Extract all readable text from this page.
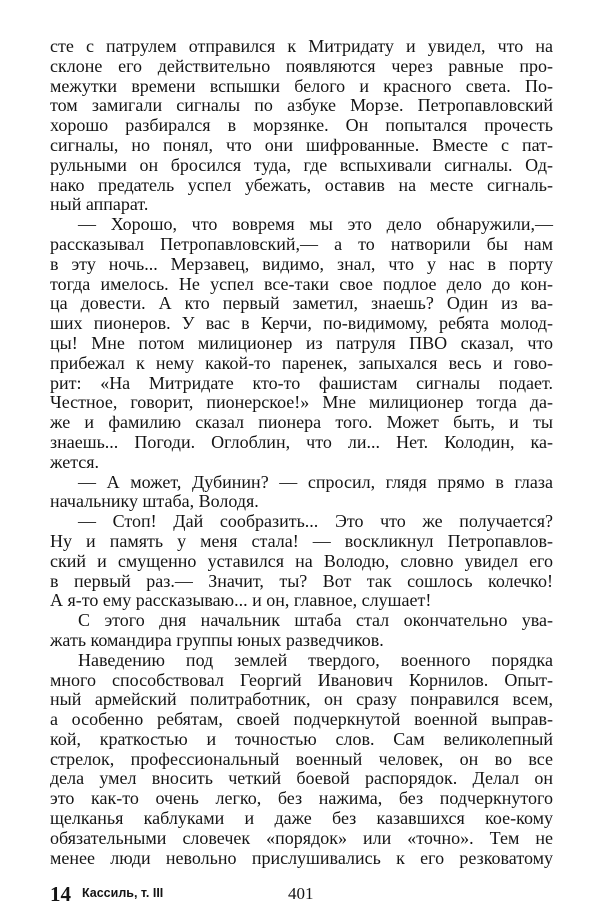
сте с патрулем отправился к Митридату и увидел, что на
склоне его действительно появляются через равные про-
межутки времени вспышки белого и красного света. По-
том замигали сигналы по азбуке Морзе. Петропавловский
хорошо разбирался в морзянке. Он попытался прочесть
сигналы, но понял, что они шифрованные. Вместе с пат-
рульными он бросился туда, где вспыхивали сигналы. Од-
нако предатель успел убежать, оставив на месте сигналь-
ный аппарат.
— Хорошо, что вовремя мы это дело обнаружили,—
рассказывал Петропавловский,— а то натворили бы нам
в эту ночь... Мерзавец, видимо, знал, что у нас в порту
тогда имелось. Не успел все-таки свое подлое дело до кон-
ца довести. А кто первый заметил, знаешь? Один из ва-
ших пионеров. У вас в Керчи, по-видимому, ребята молод-
цы! Мне потом милиционер из патруля ПВО сказал, что
прибежал к нему какой-то паренек, запыхался весь и гово-
рит: «На Митридате кто-то фашистам сигналы подает.
Честное, говорит, пионерское!» Мне милиционер тогда да-
же и фамилию сказал пионера того. Может быть, и ты
знаешь... Погоди. Оглоблин, что ли... Нет. Колодин, ка-
жется.
— А может, Дубинин? — спросил, глядя прямо в глаза
начальнику штаба, Володя.
— Стоп! Дай сообразить... Это что же получается?
Ну и память у меня стала! — воскликнул Петропавлов-
ский и смущенно уставился на Володю, словно увидел его
в первый раз.— Значит, ты? Вот так сошлось колечко!
А я-то ему рассказываю... и он, главное, слушает!
С этого дня начальник штаба стал окончательно ува-
жать командира группы юных разведчиков.
Наведению под землей твердого, военного порядка
много способствовал Георгий Иванович Корнилов. Опыт-
ный армейский политработник, он сразу понравился всем,
а особенно ребятам, своей подчеркнутой военной выправ-
кой, краткостью и точностью слов. Сам великолепный
стрелок, профессиональный военный человек, он во все
дела умел вносить четкий боевой распорядок. Делал он
это как-то очень легко, без нажима, без подчеркнутого
щелканья каблуками и даже без казавшихся кое-кому
обязательными словечек «порядок» или «точно». Тем не
менее люди невольно прислушивались к его резковатому
14 Кассиль, т. III	401
